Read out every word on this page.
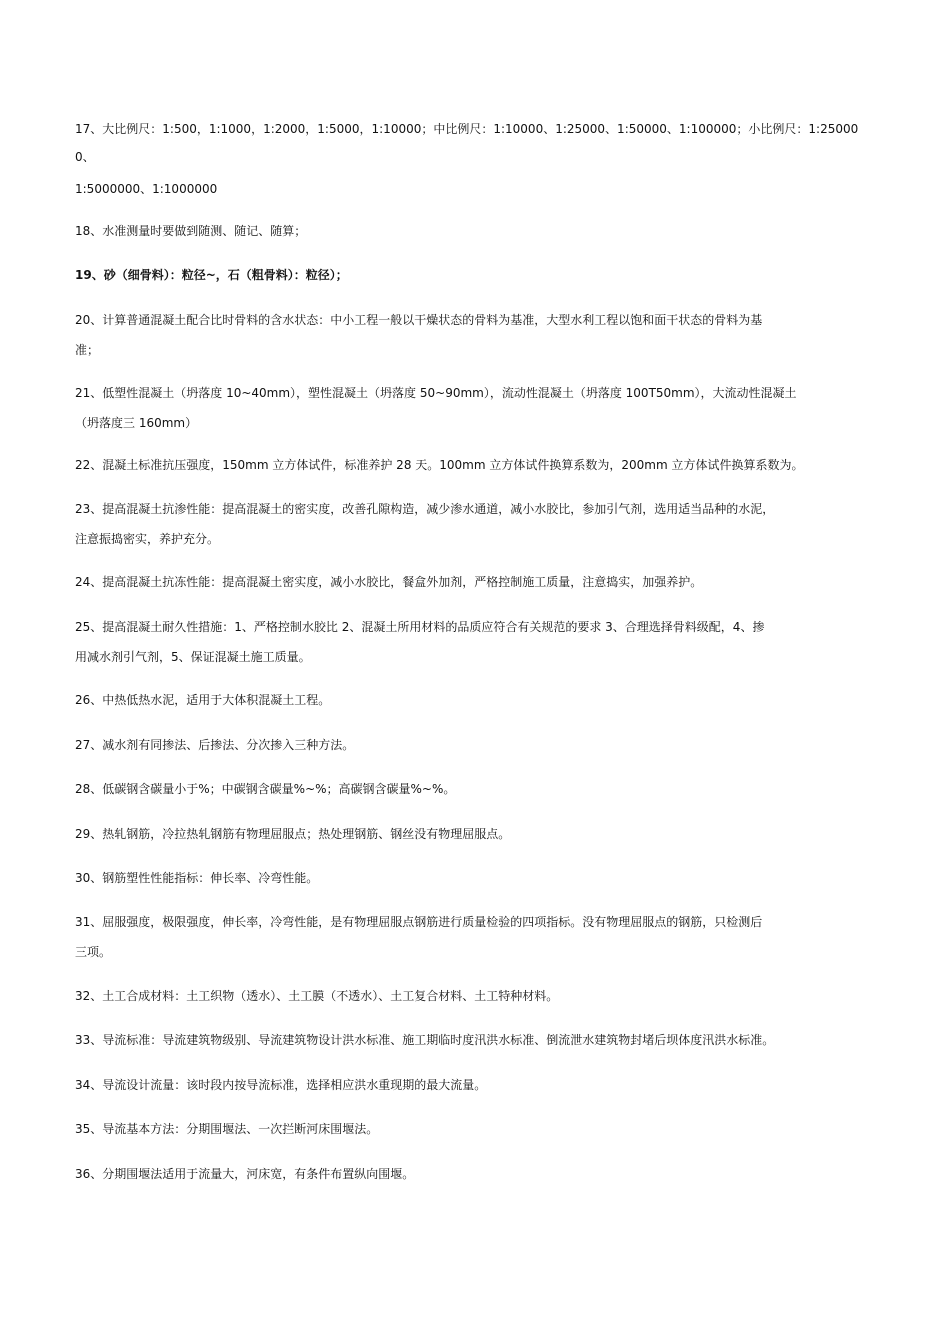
17、大比例尺：1:500，1:1000，1:2000，1:5000，1:10000；中比例尺：1:10000、1:25000、1:50000、1:100000；小比例尺：1:25000
0、
1:5000000、1:1000000
18、水准测量时要做到随测、随记、随算；
19、砂（细骨料）：粒径~，石（粗骨料）：粒径）；
20、计算普通混凝土配合比时骨料的含水状态：中小工程一般以干燥状态的骨料为基准，大型水利工程以饱和面干状态的骨料为基
准；
21、低塑性混凝土（坍落度 10~40mm），塑性混凝土（坍落度 50~90mm），流动性混凝土（坍落度 100T50mm），大流动性混凝土
（坍落度三 160mm）
22、混凝土标准抗压强度，150mm 立方体试件，标准养护 28 天。100mm 立方体试件换算系数为，200mm 立方体试件换算系数为。
23、提高混凝土抗渗性能：提高混凝土的密实度，改善孔隙构造，减少渗水通道，减小水胶比，参加引气剂，选用适当品种的水泥，
注意振捣密实，养护充分。
24、提高混凝土抗冻性能：提高混凝土密实度，减小水胶比，餐盒外加剂，严格控制施工质量，注意捣实，加强养护。
25、提高混凝土耐久性措施：1、严格控制水胶比 2、混凝土所用材料的品质应符合有关规范的要求 3、合理选择骨料级配，4、掺
用减水剂引气剂，5、保证混凝土施工质量。
26、中热低热水泥，适用于大体积混凝土工程。
27、减水剂有同掺法、后掺法、分次掺入三种方法。
28、低碳钢含碳量小于%；中碳钢含碳量%~%；高碳钢含碳量%~%。
29、热轧钢筋，冷拉热轧钢筋有物理屈服点；热处理钢筋、钢丝没有物理屈服点。
30、钢筋塑性性能指标：伸长率、冷弯性能。
31、屈服强度，极限强度，伸长率，冷弯性能，是有物理屈服点钢筋进行质量检验的四项指标。没有物理屈服点的钢筋，只检测后
三项。
32、土工合成材料：土工织物（透水）、土工膜（不透水）、土工复合材料、土工特种材料。
33、导流标准：导流建筑物级别、导流建筑物设计洪水标准、施工期临时度汛洪水标准、倒流泄水建筑物封堵后坝体度汛洪水标准。
34、导流设计流量：该时段内按导流标准，选择相应洪水重现期的最大流量。
35、导流基本方法：分期围堰法、一次拦断河床围堰法。
36、分期围堰法适用于流量大，河床宽，有条件布置纵向围堰。
